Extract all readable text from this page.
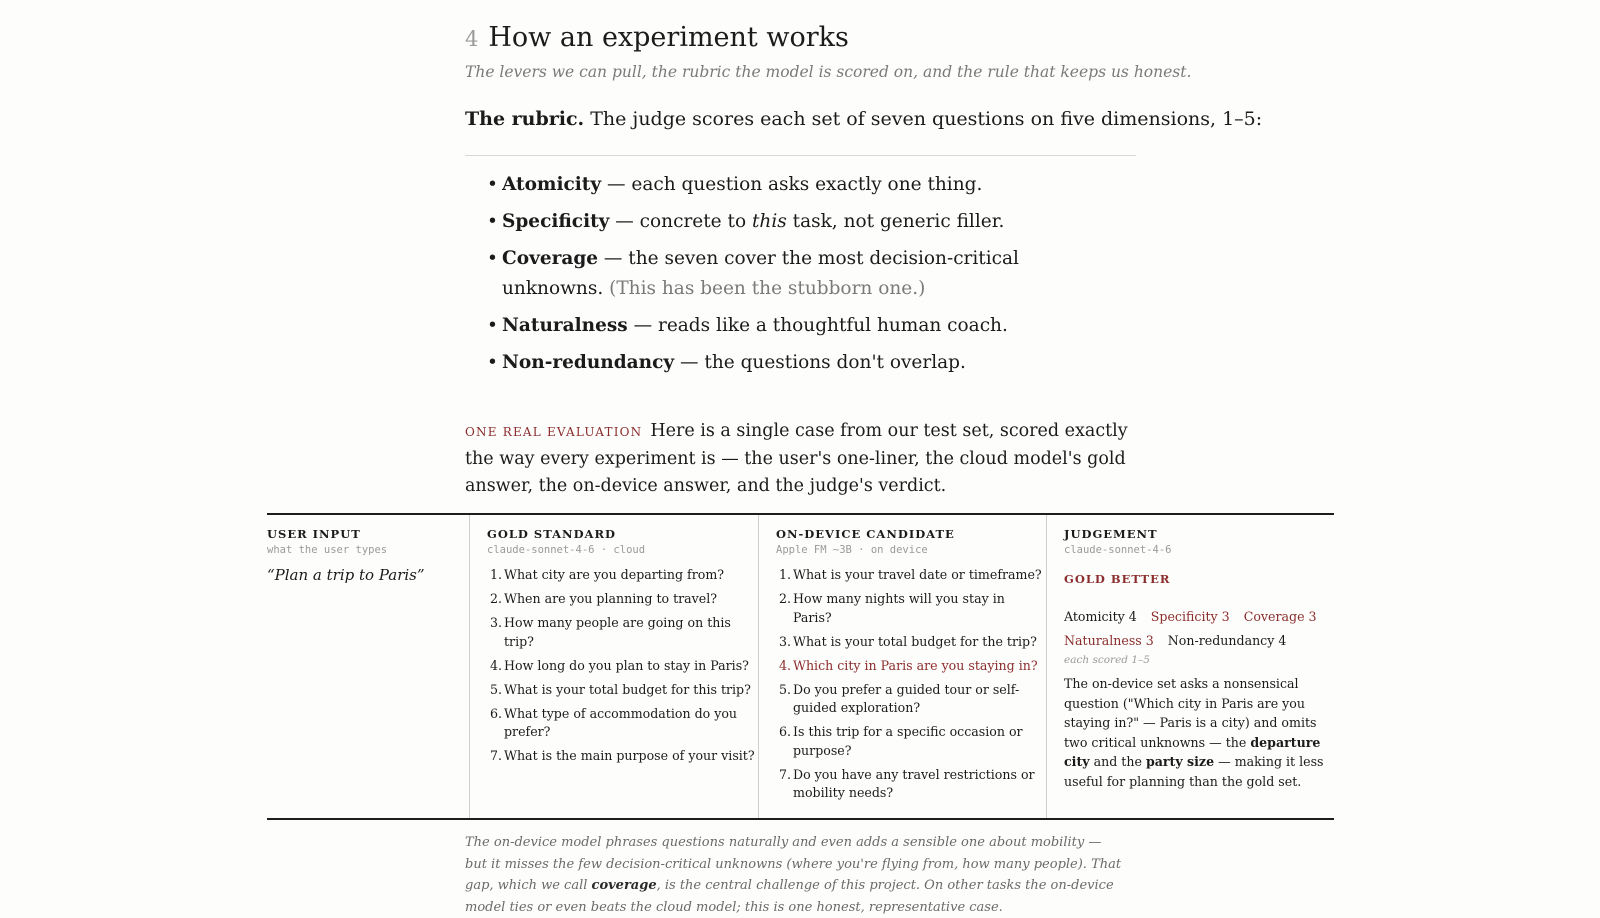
4 How an experiment works
The levers we can pull, the rubric the model is scored on, and the rule that keeps us honest.
The rubric. The judge scores each set of seven questions on five dimensions, 1–5:
• Atomicity — each question asks exactly one thing.
• Specificity — concrete to this task, not generic filler.
• Coverage — the seven cover the most decision-critical unknowns. (This has been the stubborn one.)
• Naturalness — reads like a thoughtful human coach.
• Non-redundancy — the questions don't overlap.
ONE REAL EVALUATION Here is a single case from our test set, scored exactly the way every experiment is — the user's one-liner, the cloud model's gold answer, the on-device answer, and the judge's verdict.
USER INPUT
what the user types
“Plan a trip to Paris”
GOLD STANDARD
claude-sonnet-4-6 · cloud
1. What city are you departing from?
2. When are you planning to travel?
3. How many people are going on this trip?
4. How long do you plan to stay in Paris?
5. What is your total budget for this trip?
6. What type of accommodation do you prefer?
7. What is the main purpose of your visit?
ON-DEVICE CANDIDATE
Apple FM ~3B · on device
1. What is your travel date or timeframe?
2. How many nights will you stay in Paris?
3. What is your total budget for the trip?
4. Which city in Paris are you staying in?
5. Do you prefer a guided tour or self-guided exploration?
6. Is this trip for a specific occasion or purpose?
7. Do you have any travel restrictions or mobility needs?
JUDGEMENT
claude-sonnet-4-6
GOLD BETTER
Atomicity 4 Specificity 3 Coverage 3 Naturalness 3 Non-redundancy 4
each scored 1–5
The on-device set asks a nonsensical question ("Which city in Paris are you staying in?" — Paris is a city) and omits two critical unknowns — the departure city and the party size — making it less useful for planning than the gold set.
The on-device model phrases questions naturally and even adds a sensible one about mobility — but it misses the few decision-critical unknowns (where you're flying from, how many people). That gap, which we call coverage, is the central challenge of this project. On other tasks the on-device model ties or even beats the cloud model; this is one honest, representative case.
